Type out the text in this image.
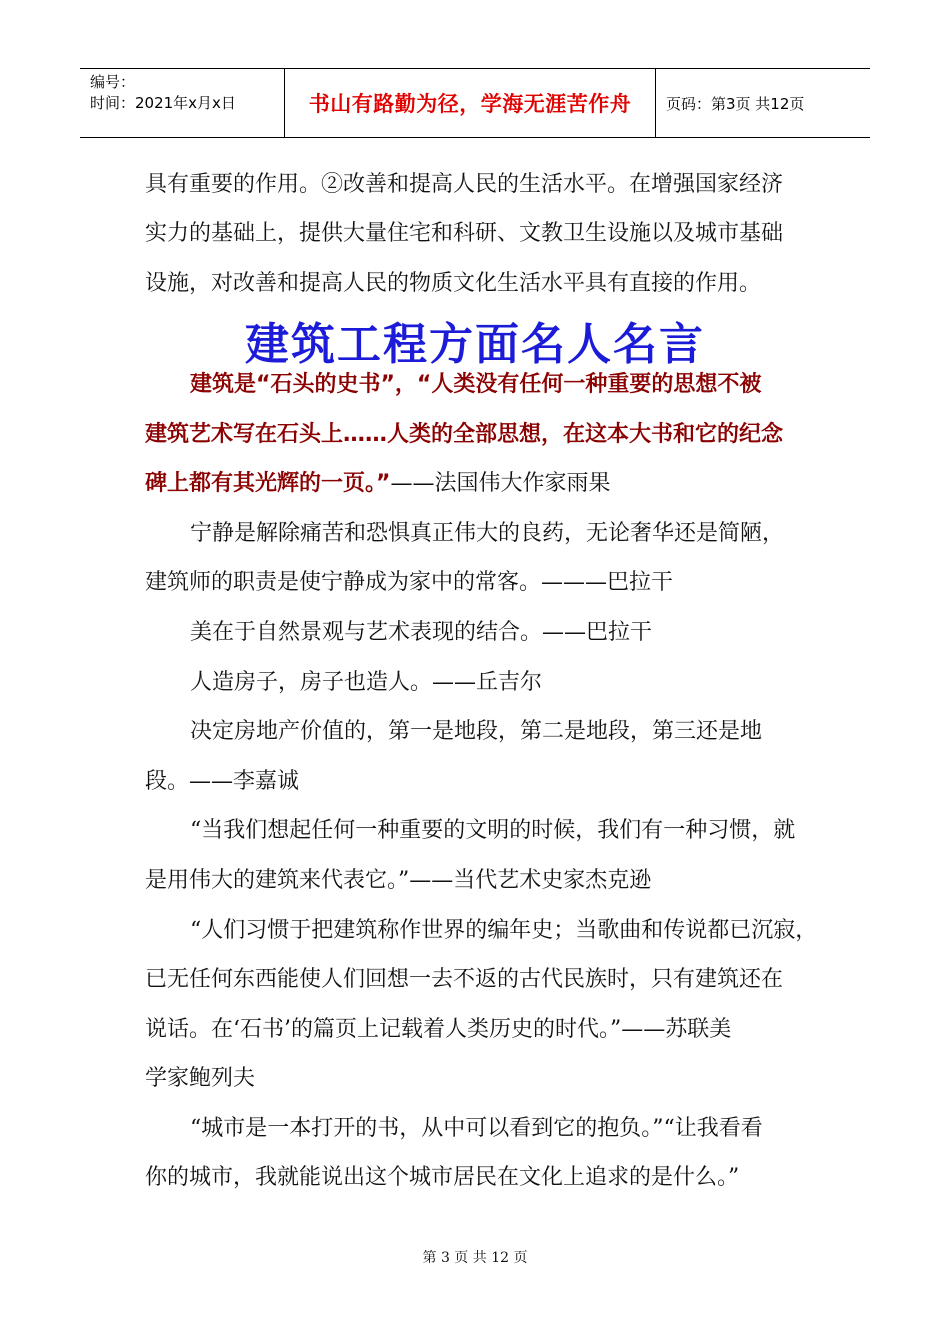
编号：
时间：2021年x月x日	书山有路勤为径，学海无涯苦作舟	页码：第3页 共12页
具有重要的作用。②改善和提高人民的生活水平。在增强国家经济
实力的基础上，提供大量住宅和科研、文教卫生设施以及城市基础
设施，对改善和提高人民的物质文化生活水平具有直接的作用。
建筑工程方面名人名言
建筑是“石头的史书”，“人类没有任何一种重要的思想不被
建筑艺术写在石头上……人类的全部思想，在这本大书和它的纪念
碑上都有其光辉的一页。”——法国伟大作家雨果
宁静是解除痛苦和恐惧真正伟大的良药，无论奢华还是简陋，
建筑师的职责是使宁静成为家中的常客。———巴拉干
美在于自然景观与艺术表现的结合。——巴拉干
人造房子，房子也造人。——丘吉尔
决定房地产价值的，第一是地段，第二是地段，第三还是地
段。——李嘉诚
“当我们想起任何一种重要的文明的时候，我们有一种习惯，就
是用伟大的建筑来代表它。”——当代艺术史家杰克逊
“人们习惯于把建筑称作世界的编年史；当歌曲和传说都已沉寂，
已无任何东西能使人们回想一去不返的古代民族时，只有建筑还在
说话。在‘石书’的篇页上记载着人类历史的时代。”——苏联美
学家鲍列夫
“城市是一本打开的书，从中可以看到它的抱负。”“让我看看
你的城市，我就能说出这个城市居民在文化上追求的是什么。”
第 3 页 共 12 页
